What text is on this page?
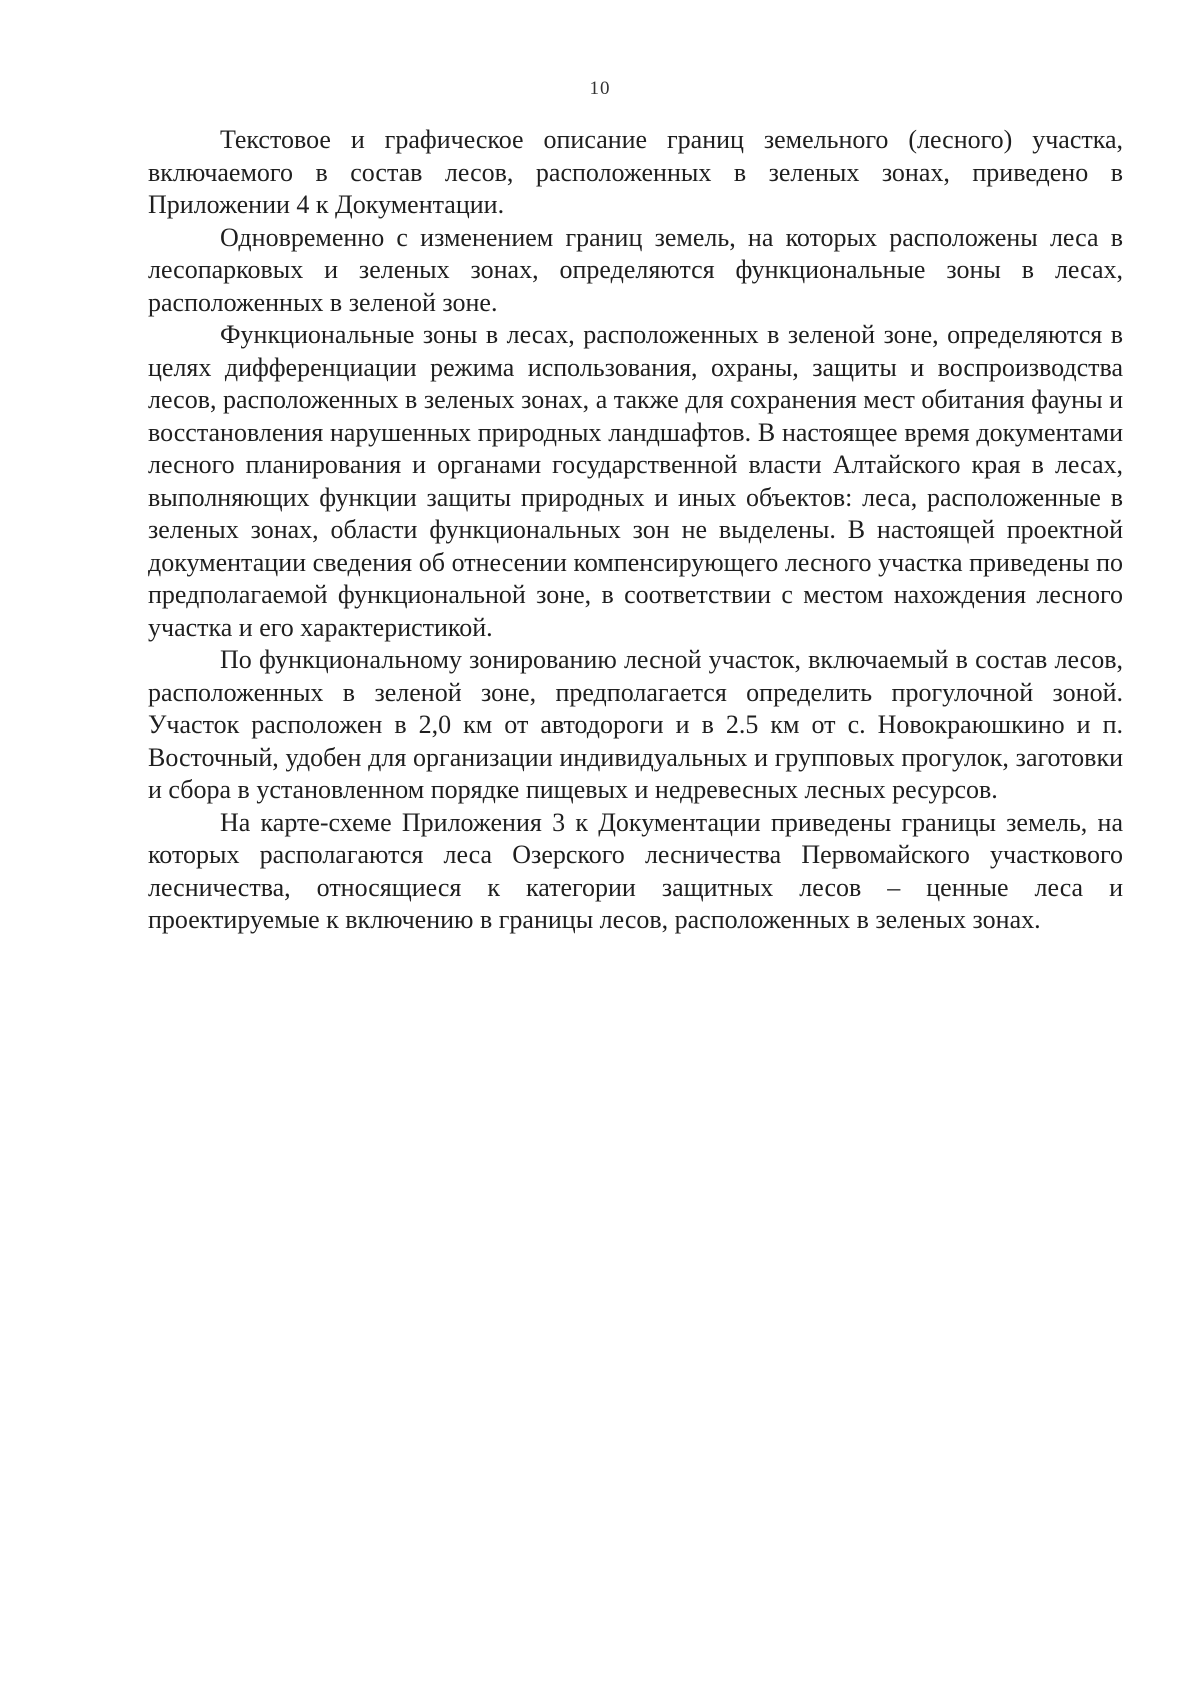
10

Текстовое и графическое описание границ земельного (лесного) участка, включаемого в состав лесов, расположенных в зеленых зонах, приведено в Приложении 4 к Документации.

Одновременно с изменением границ земель, на которых расположены леса в лесопарковых и зеленых зонах, определяются функциональные зоны в лесах, расположенных в зеленой зоне.

Функциональные зоны в лесах, расположенных в зеленой зоне, определяются в целях дифференциации режима использования, охраны, защиты и воспроизводства лесов, расположенных в зеленых зонах, а также для сохранения мест обитания фауны и восстановления нарушенных природных ландшафтов. В настоящее время документами лесного планирования и органами государственной власти Алтайского края в лесах, выполняющих функции защиты природных и иных объектов: леса, расположенные в зеленых зонах, области функциональных зон не выделены. В настоящей проектной документации сведения об отнесении компенсирующего лесного участка приведены по предполагаемой функциональной зоне, в соответствии с местом нахождения лесного участка и его характеристикой.

По функциональному зонированию лесной участок, включаемый в состав лесов, расположенных в зеленой зоне, предполагается определить прогулочной зоной. Участок расположен в 2,0 км от автодороги и в 2.5 км от с. Новокраюшкино и п. Восточный, удобен для организации индивидуальных и групповых прогулок, заготовки и сбора в установленном порядке пищевых и недревесных лесных ресурсов.

На карте-схеме Приложения 3 к Документации приведены границы земель, на которых располагаются леса Озерского лесничества Первомайского участкового лесничества, относящиеся к категории защитных лесов – ценные леса и проектируемые к включению в границы лесов, расположенных в зеленых зонах.
